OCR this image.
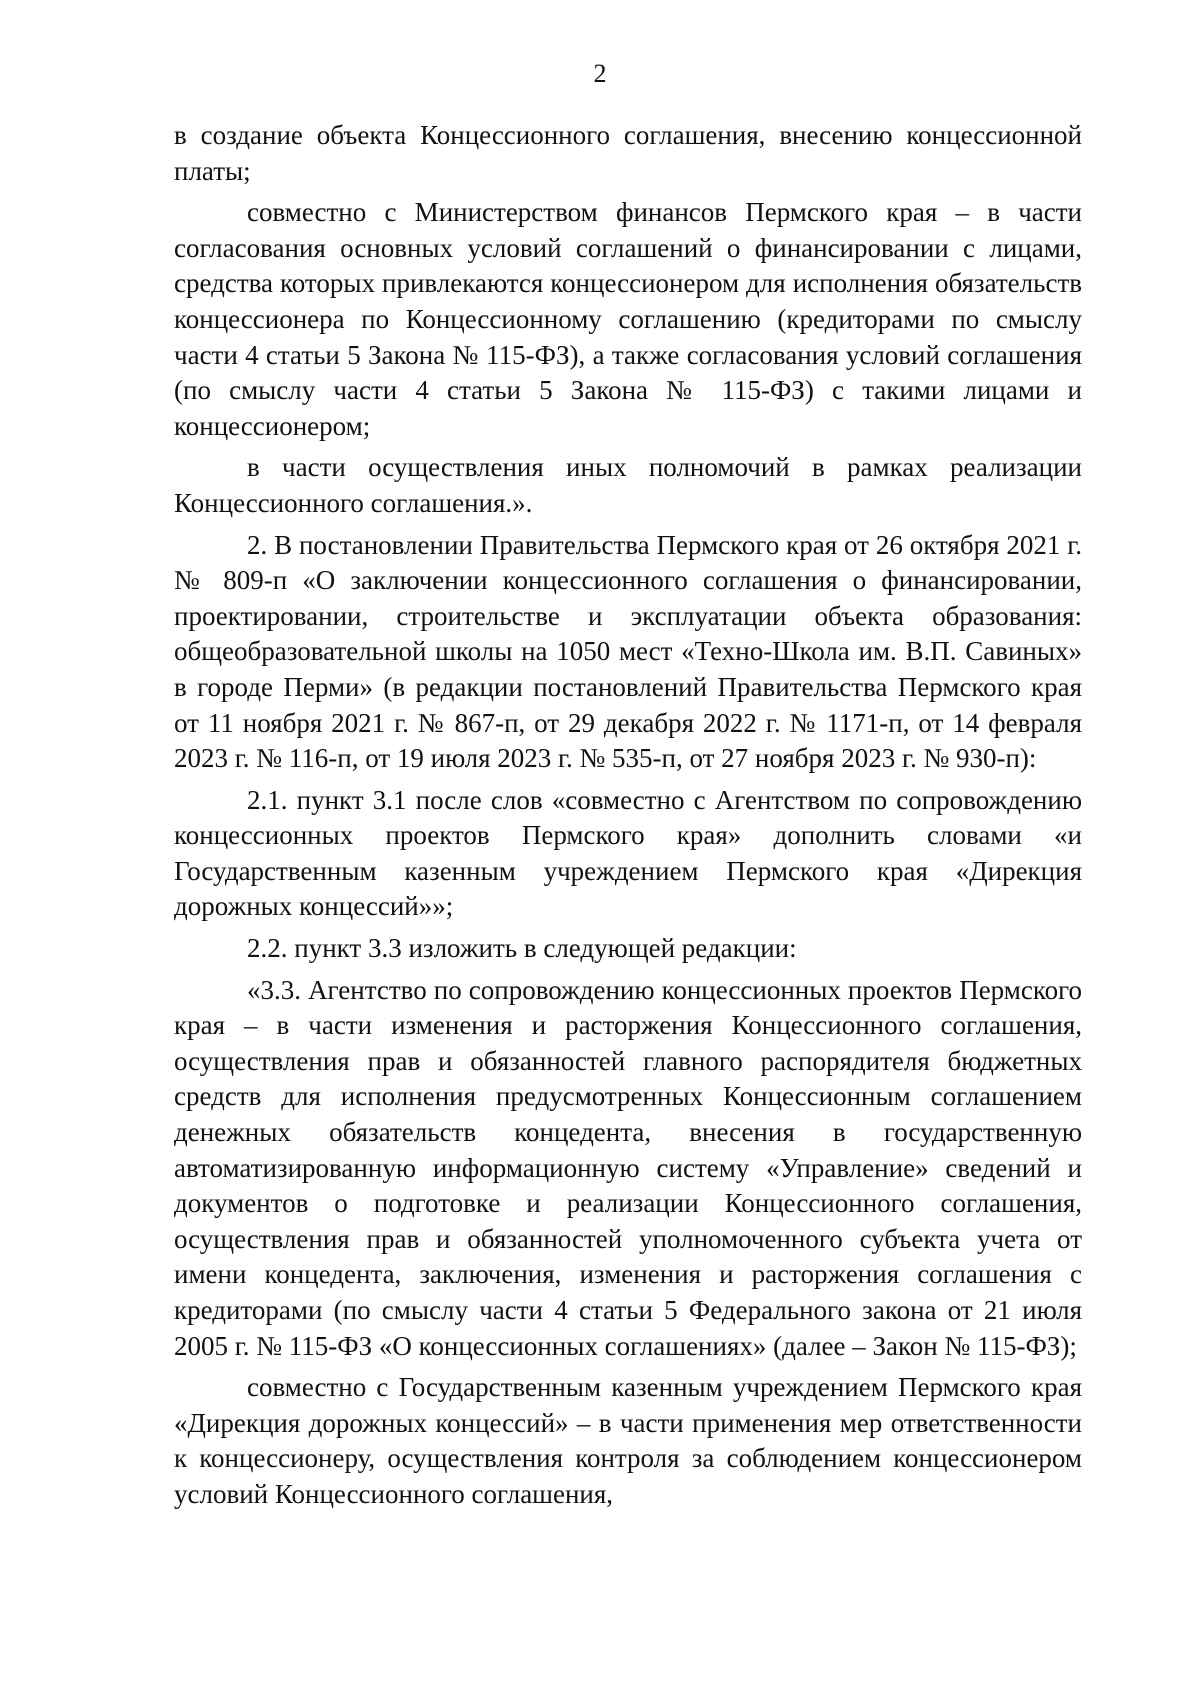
2

в создание объекта Концессионного соглашения, внесению концессионной платы;

совместно с Министерством финансов Пермского края – в части согласования основных условий соглашений о финансировании с лицами, средства которых привлекаются концессионером для исполнения обязательств концессионера по Концессионному соглашению (кредиторами по смыслу части 4 статьи 5 Закона № 115-ФЗ), а также согласования условий соглашения (по смыслу части 4 статьи 5 Закона № 115-ФЗ) с такими лицами и концессионером;

в части осуществления иных полномочий в рамках реализации Концессионного соглашения.».

2. В постановлении Правительства Пермского края от 26 октября 2021 г. № 809-п «О заключении концессионного соглашения о финансировании, проектировании, строительстве и эксплуатации объекта образования: общеобразовательной школы на 1050 мест «Техно-Школа им. В.П. Савиных» в городе Перми» (в редакции постановлений Правительства Пермского края от 11 ноября 2021 г. № 867-п, от 29 декабря 2022 г. № 1171-п, от 14 февраля 2023 г. № 116-п, от 19 июля 2023 г. № 535-п, от 27 ноября 2023 г. № 930-п):

2.1. пункт 3.1 после слов «совместно с Агентством по сопровождению концессионных проектов Пермского края» дополнить словами «и Государственным казенным учреждением Пермского края «Дирекция дорожных концессий»»;

2.2. пункт 3.3 изложить в следующей редакции:

«3.3. Агентство по сопровождению концессионных проектов Пермского края – в части изменения и расторжения Концессионного соглашения, осуществления прав и обязанностей главного распорядителя бюджетных средств для исполнения предусмотренных Концессионным соглашением денежных обязательств концедента, внесения в государственную автоматизированную информационную систему «Управление» сведений и документов о подготовке и реализации Концессионного соглашения, осуществления прав и обязанностей уполномоченного субъекта учета от имени концедента, заключения, изменения и расторжения соглашения с кредиторами (по смыслу части 4 статьи 5 Федерального закона от 21 июля 2005 г. № 115-ФЗ «О концессионных соглашениях» (далее – Закон № 115-ФЗ);

совместно с Государственным казенным учреждением Пермского края «Дирекция дорожных концессий» – в части применения мер ответственности к концессионеру, осуществления контроля за соблюдением концессионером условий Концессионного соглашения,
